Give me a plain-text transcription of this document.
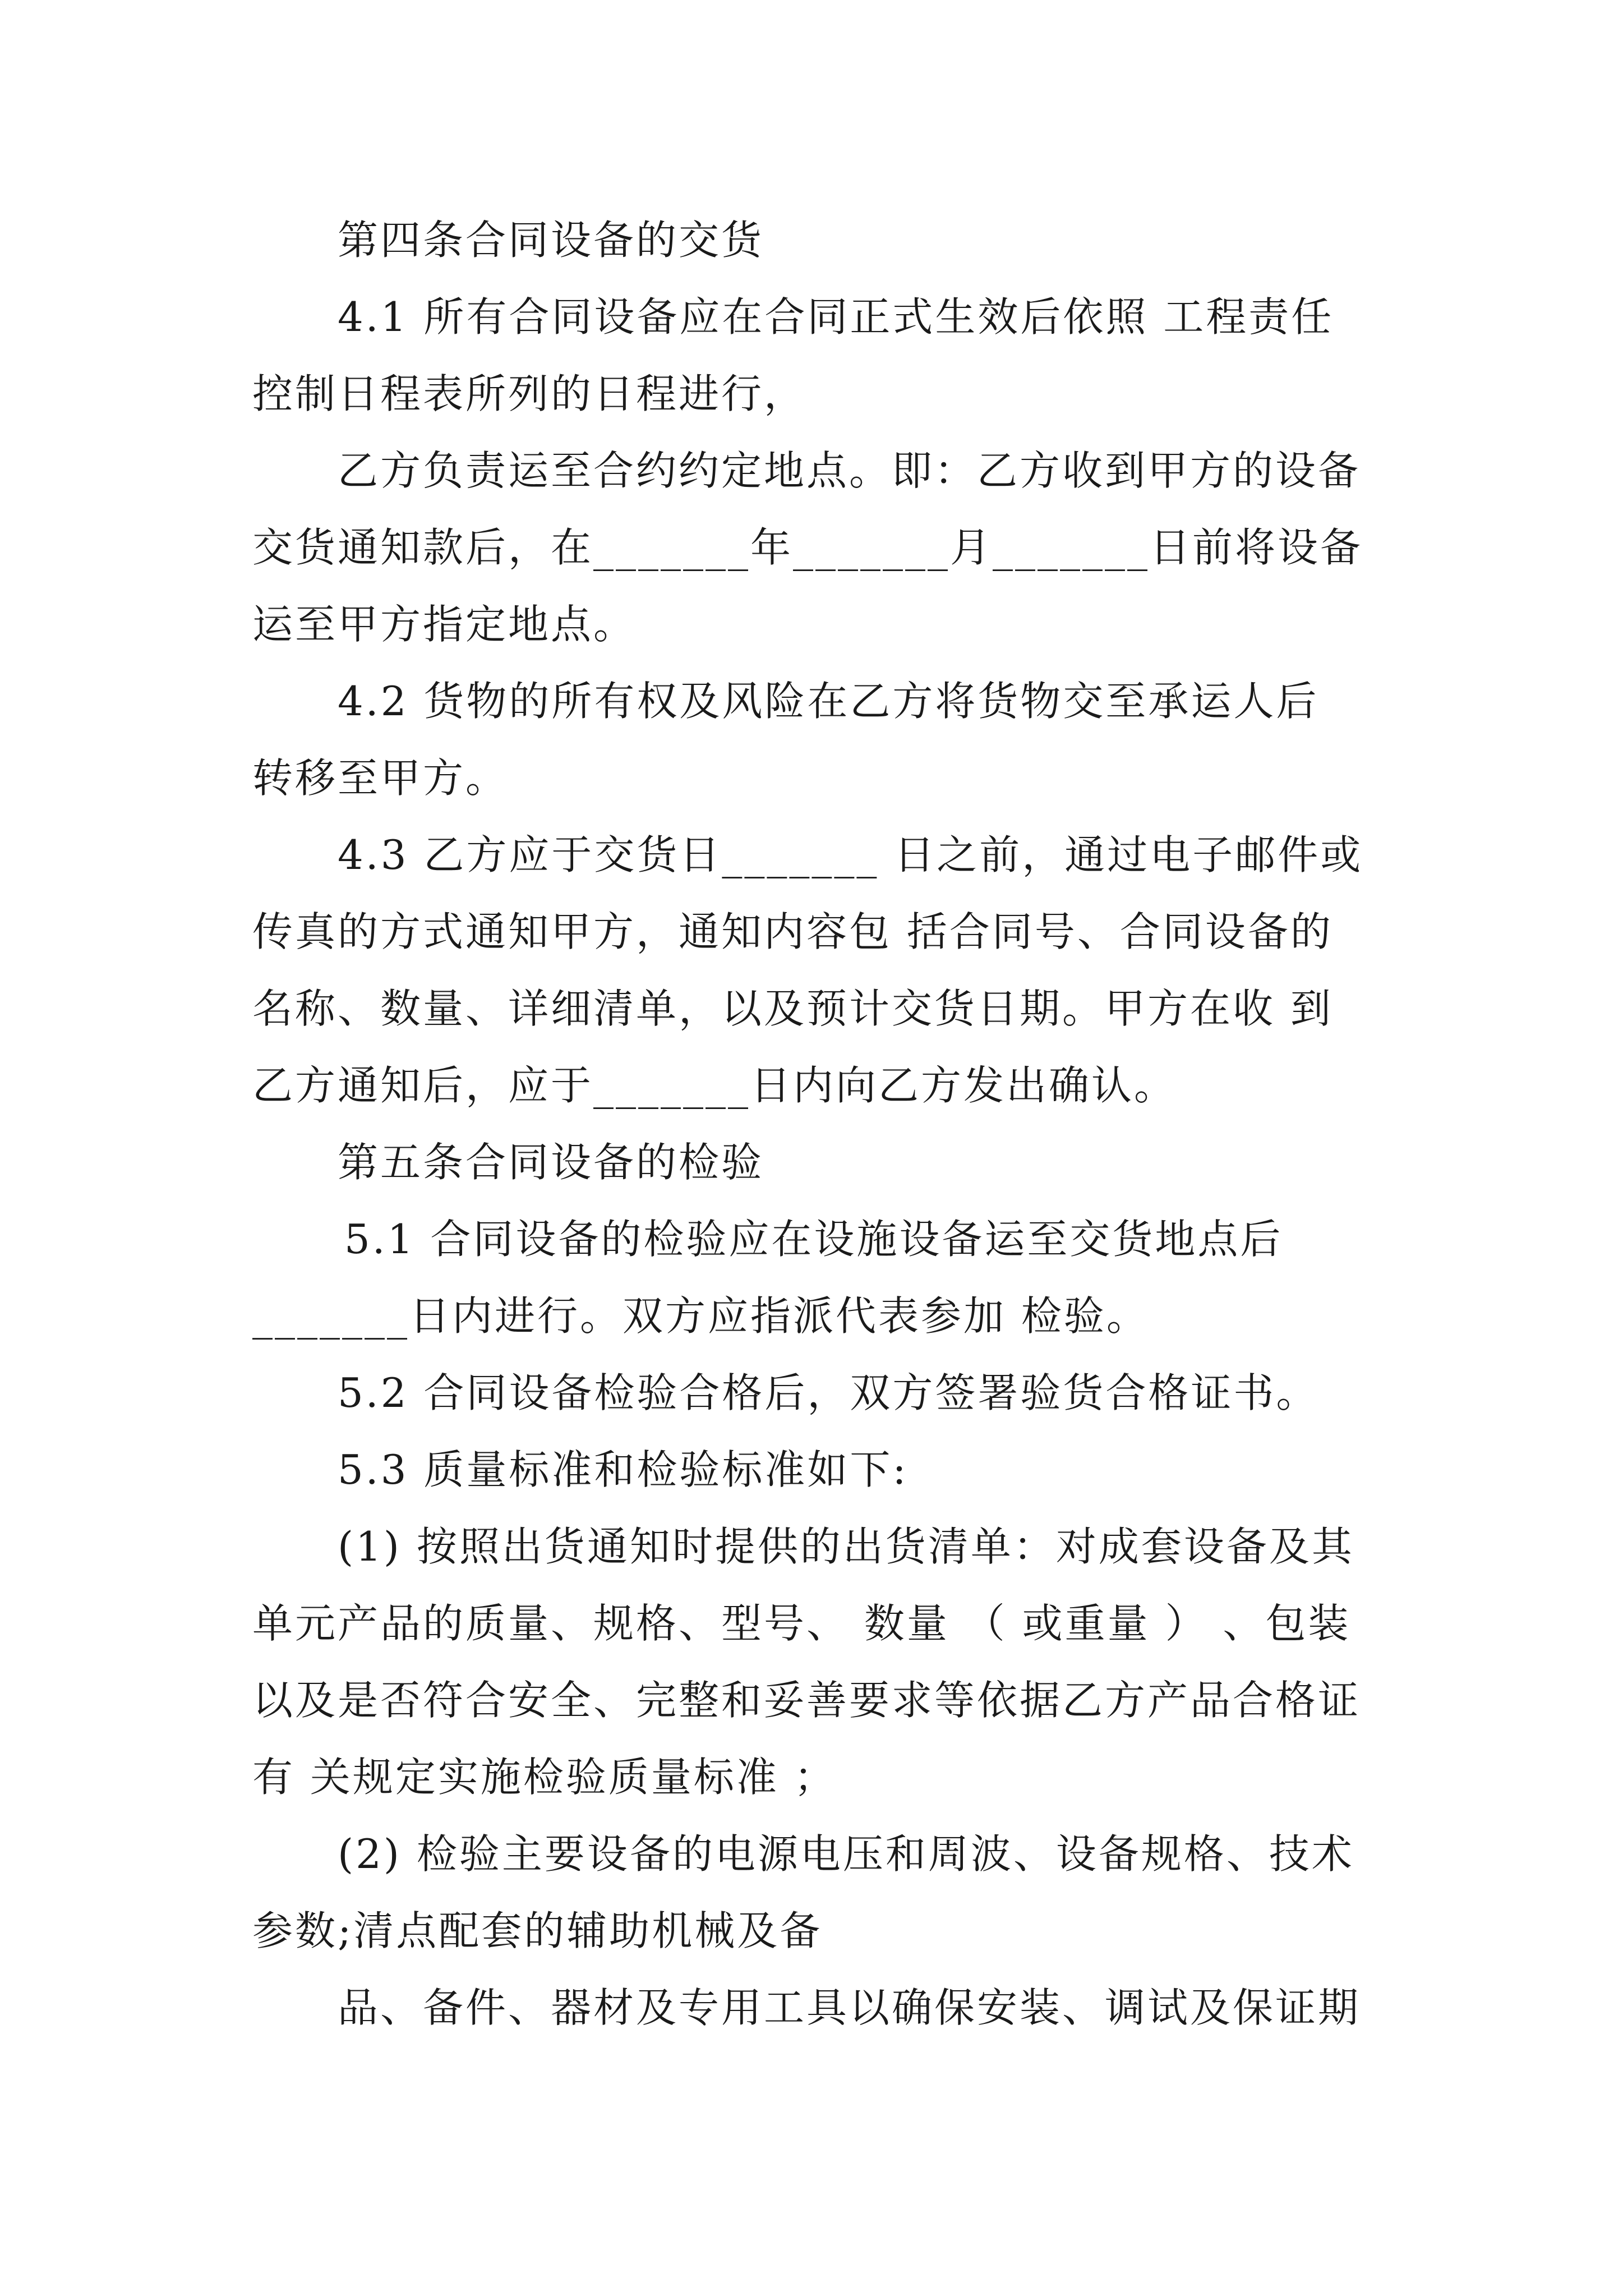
第四条合同设备的交货
4.1 所有合同设备应在合同正式生效后依照 工程责任
控制日程表所列的日程进行，
乙方负责运至合约约定地点。即：乙方收到甲方的设备
交货通知款后，在_______年_______月_______日前将设备
运至甲方指定地点。
4.2 货物的所有权及风险在乙方将货物交至承运人后
转移至甲方。
4.3 乙方应于交货日_______ 日之前，通过电子邮件或
传真的方式通知甲方，通知内容包 括合同号、合同设备的
名称、数量、详细清单，以及预计交货日期。甲方在收 到
乙方通知后，应于_______日内向乙方发出确认。
第五条合同设备的检验
5.1 合同设备的检验应在设施设备运至交货地点后
_______日内进行。双方应指派代表参加 检验。
5.2 合同设备检验合格后，双方签署验货合格证书。
5.3 质量标准和检验标准如下:
(1) 按照出货通知时提供的出货清单：对成套设备及其
单元产品的质量、规格、型号、 数量 （ 或重量 ） 、包装
以及是否符合安全、完整和妥善要求等依据乙方产品合格证
有 关规定实施检验质量标准 ；
(2) 检验主要设备的电源电压和周波、设备规格、技术
参数;清点配套的辅助机械及备
品、备件、器材及专用工具以确保安装、调试及保证期
